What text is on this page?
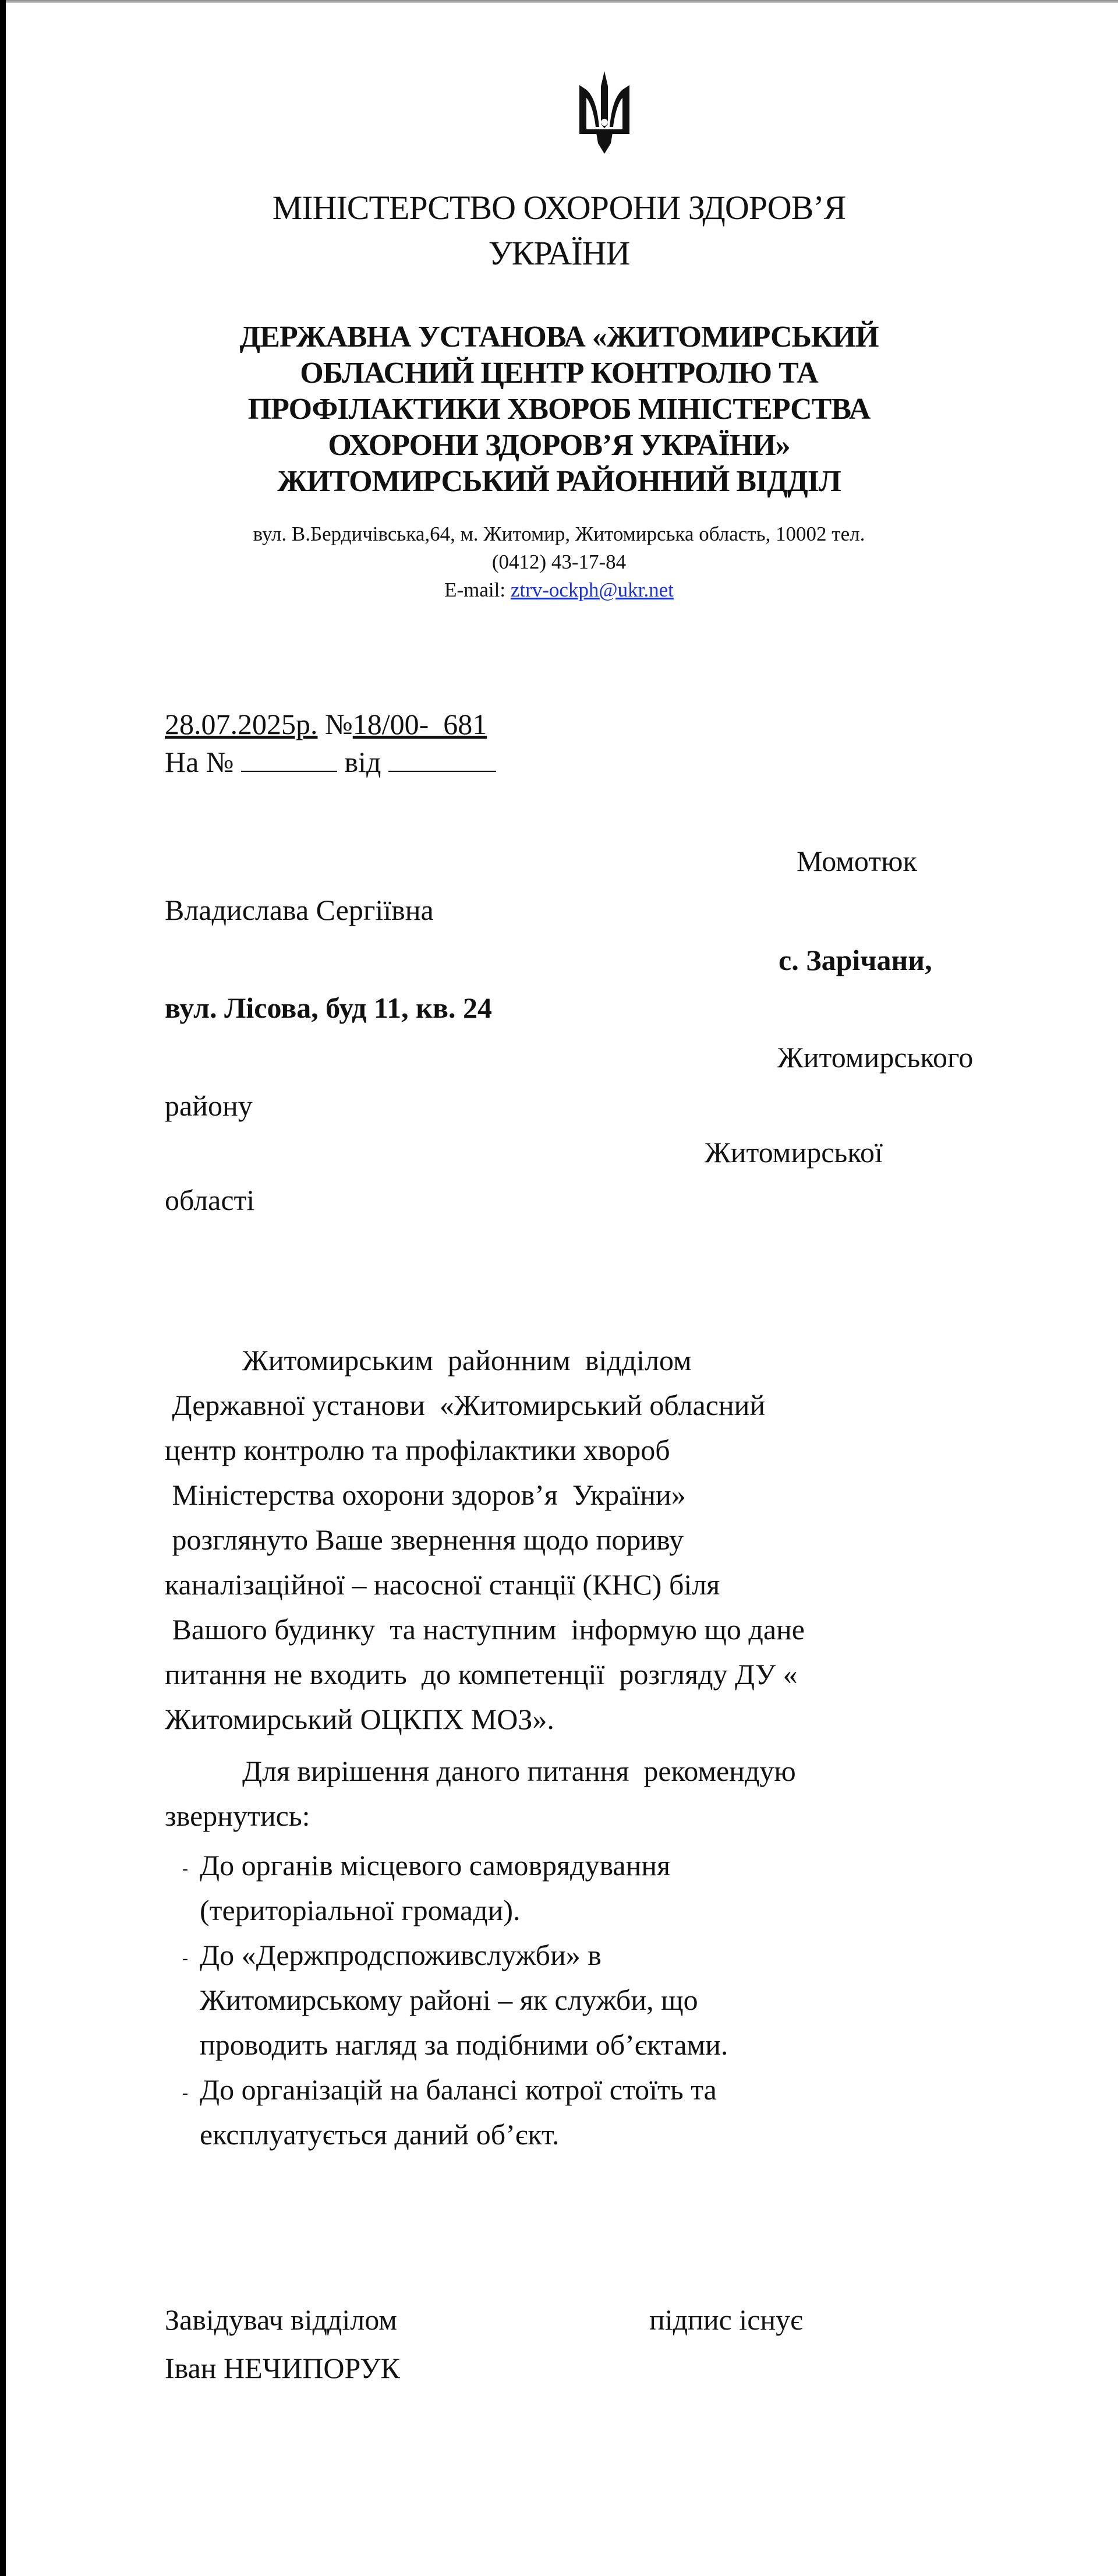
МІНІСТЕРСТВО ОХОРОНИ ЗДОРОВ’Я
УКРАЇНИ
ДЕРЖАВНА УСТАНОВА «ЖИТОМИРСЬКИЙ
ОБЛАСНИЙ ЦЕНТР КОНТРОЛЮ ТА
ПРОФІЛАКТИКИ ХВОРОБ МІНІСТЕРСТВА
ОХОРОНИ ЗДОРОВ’Я УКРАЇНИ»
ЖИТОМИРСЬКИЙ РАЙОННИЙ ВІДДІЛ
вул. В.Бердичівська,64, м. Житомир, Житомирська область, 10002 тел.
(0412) 43-17-84
E-mail: ztrv-ockph@ukr.net
28.07.2025р. №18/00-  681
На №	від
Момотюк
Владислава Сергіївна
с. Зарічани,
вул. Лісова, буд 11, кв. 24
Житомирського
району
Житомирської
області
Житомирським  районним  відділом
Державної установи  «Житомирський обласний
центр контролю та профілактики хвороб
Міністерства охорони здоров’я  України»
розглянуто Ваше звернення щодо пориву
каналізаційної – насосної станції (КНС) біля
Вашого будинку  та наступним  інформую що дане
питання не входить  до компетенції  розгляду ДУ «
Житомирський ОЦКПХ МОЗ».
Для вирішення даного питання  рекомендую
звернутись:
- До органів місцевого самоврядування
(територіальної громади).
- До «Держпродспоживслужби» в
Житомирському районі – як служби, що
проводить нагляд за подібними об’єктами.
- До організацій на балансі котрої стоїть та
експлуатується даний об’єкт.
Завідувач відділом	підпис існує
Іван НЕЧИПОРУК
